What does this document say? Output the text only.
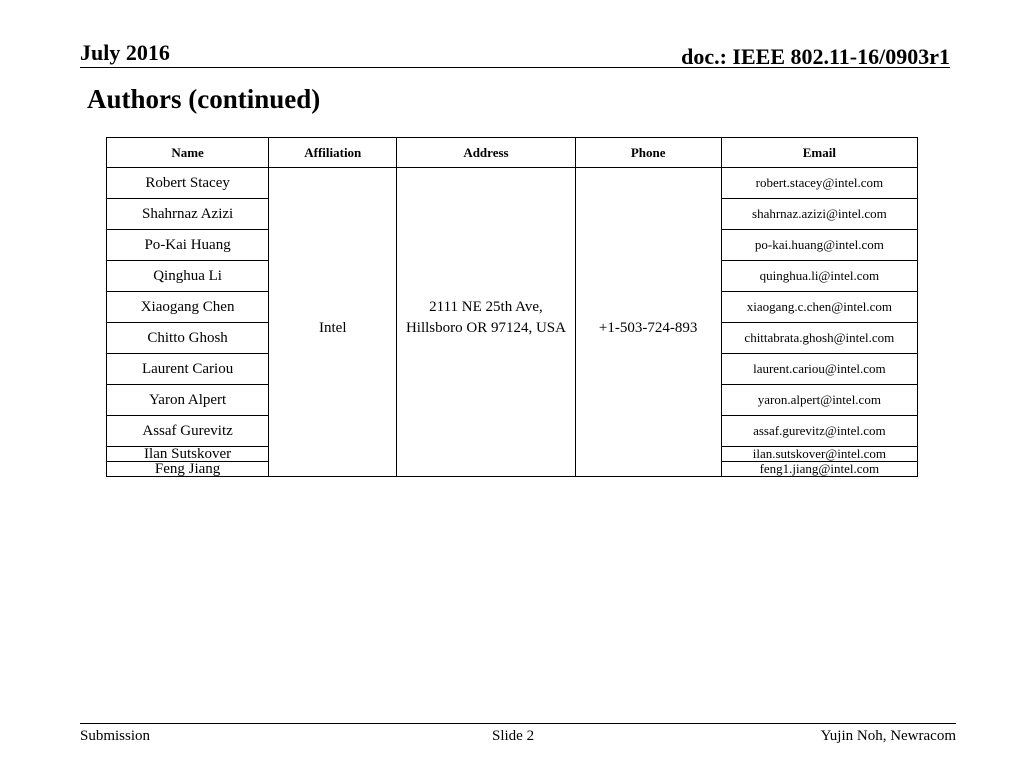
July 2016	doc.: IEEE 802.11-16/0903r1
Authors (continued)
Name	Affiliation	Address	Phone	Email
Robert Stacey	Intel	2111 NE 25th Ave, Hillsboro OR 97124, USA	+1-503-724-893	robert.stacey@intel.com
Shahrnaz Azizi				shahrnaz.azizi@intel.com
Po-Kai Huang				po-kai.huang@intel.com
Qinghua Li				quinghua.li@intel.com
Xiaogang Chen				xiaogang.c.chen@intel.com
Chitto Ghosh				chittabrata.ghosh@intel.com
Laurent Cariou				laurent.cariou@intel.com
Yaron Alpert				yaron.alpert@intel.com
Assaf Gurevitz				assaf.gurevitz@intel.com
Ilan Sutskover				ilan.sutskover@intel.com
Feng Jiang				feng1.jiang@intel.com
Submission	Slide 2	Yujin Noh, Newracom
